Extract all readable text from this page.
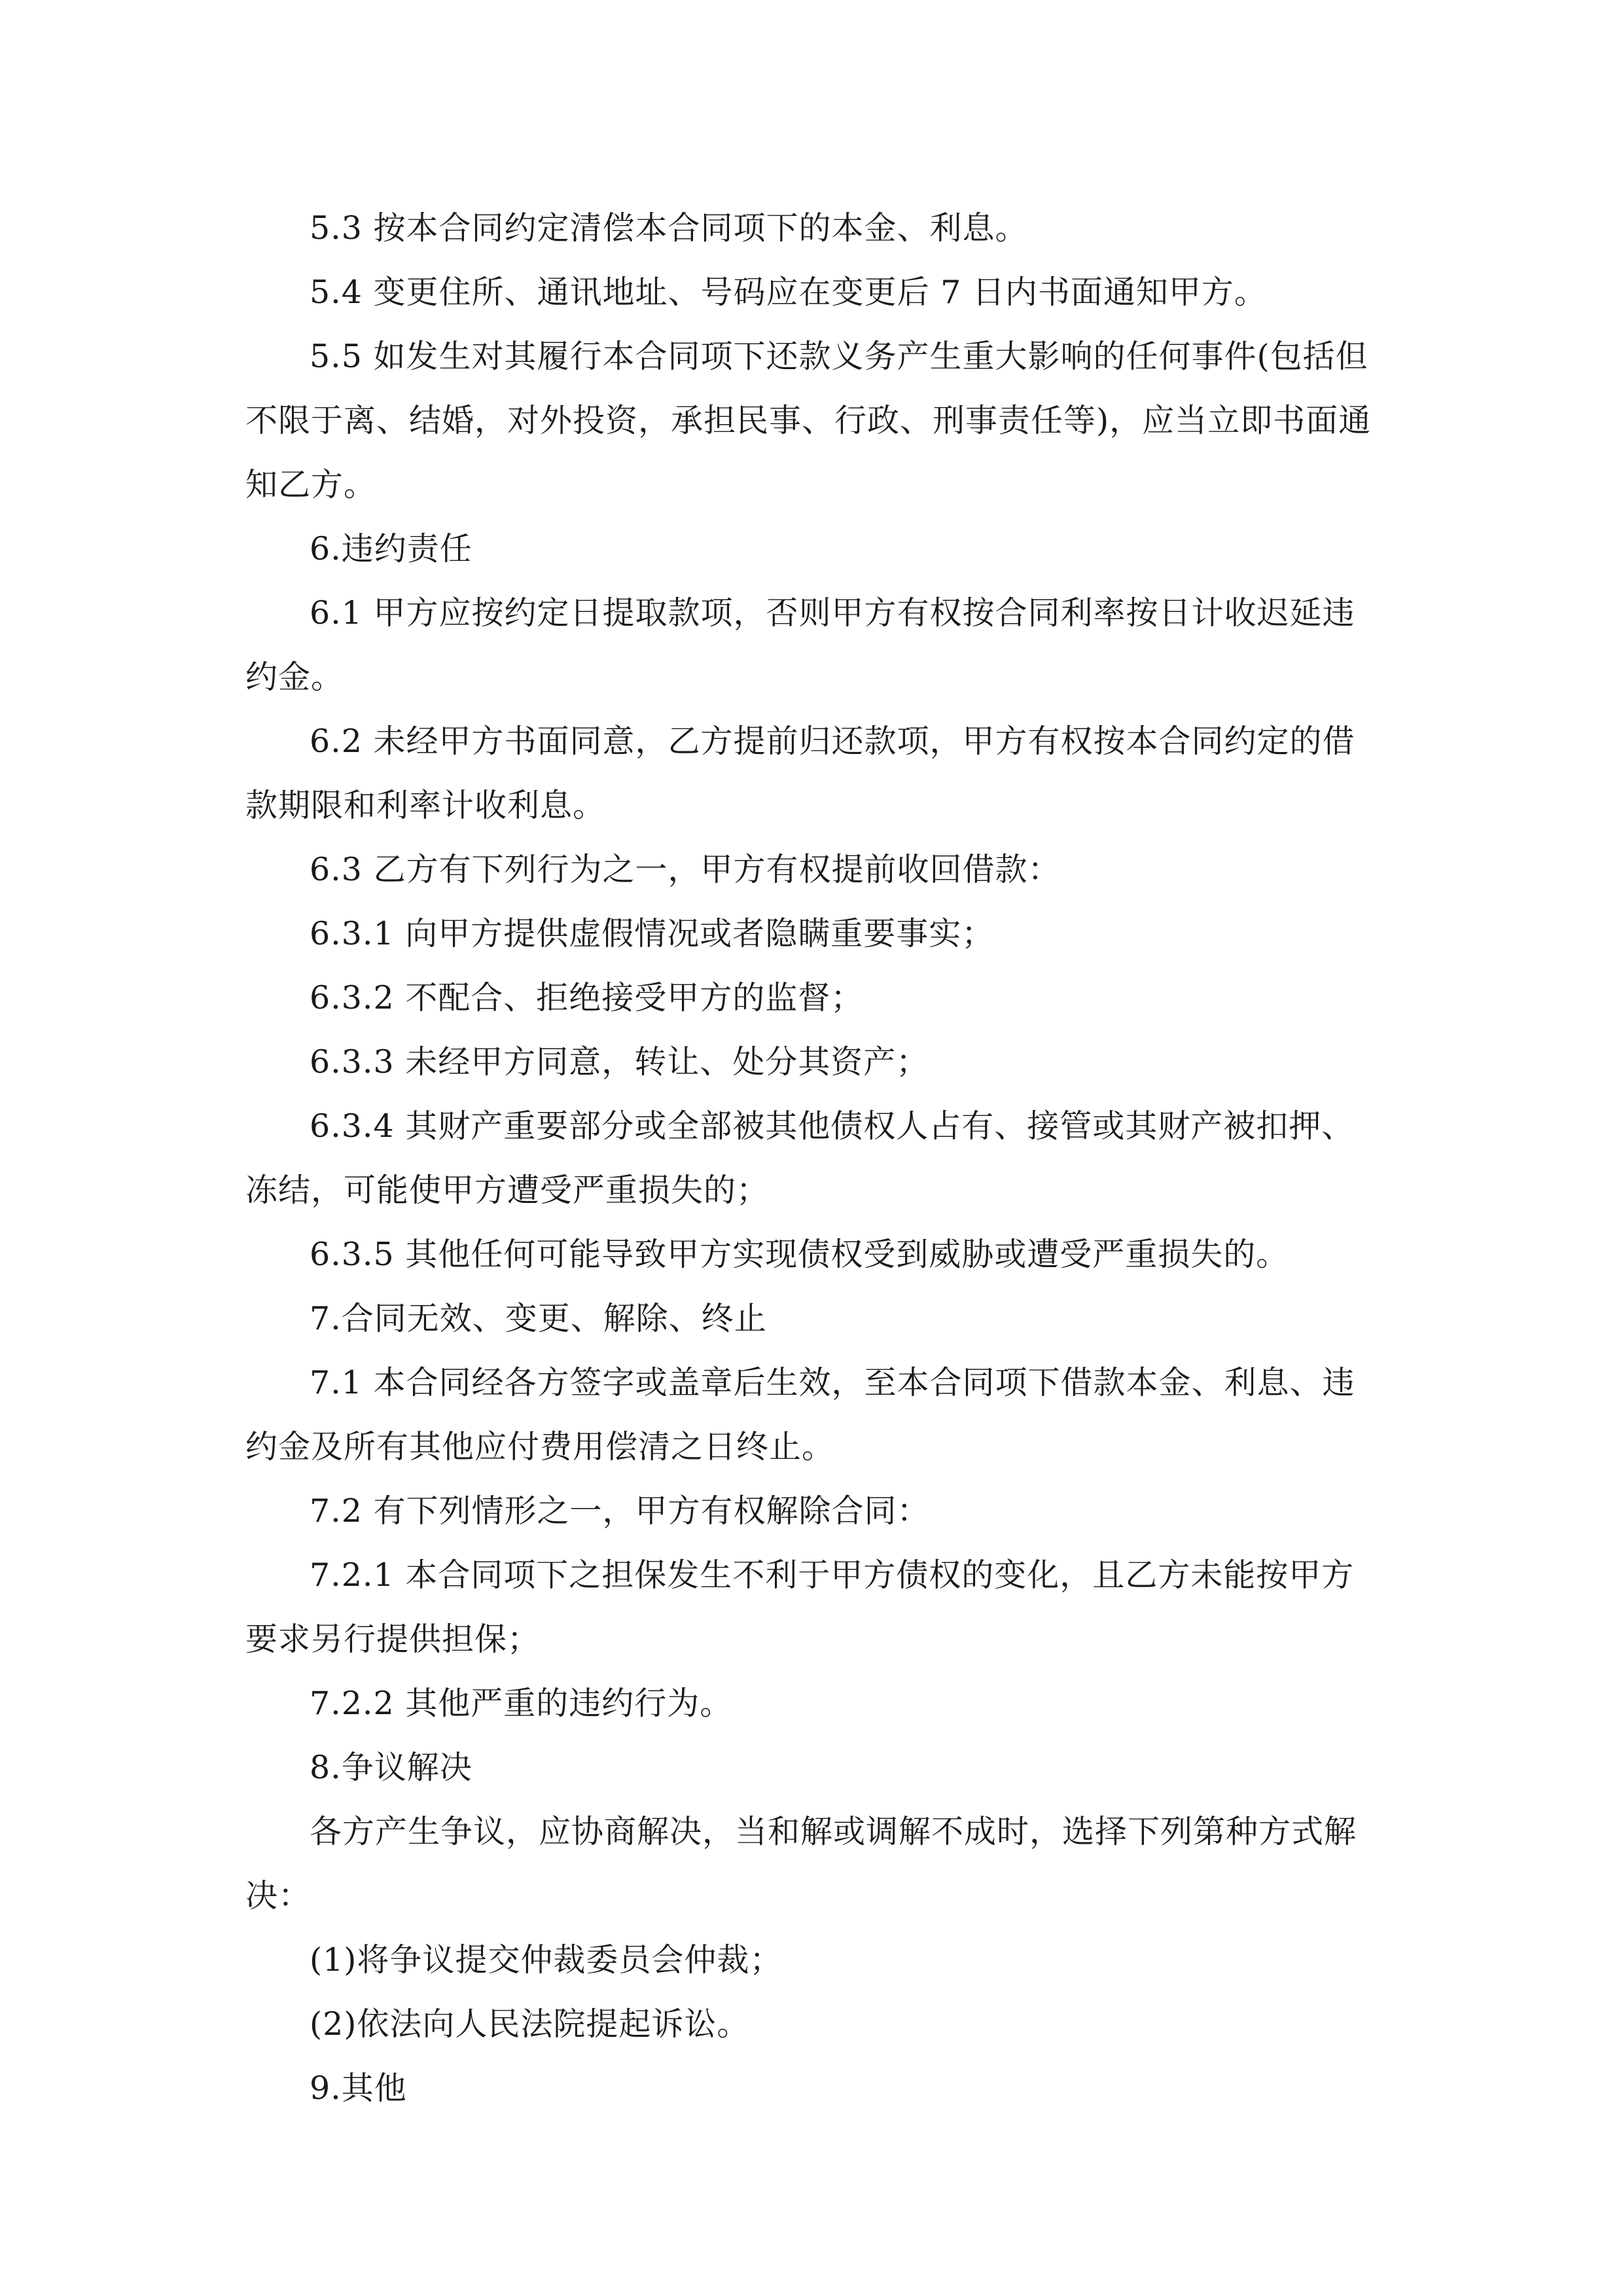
5.3 按本合同约定清偿本合同项下的本金、利息。

5.4 变更住所、通讯地址、号码应在变更后 7 日内书面通知甲方。

5.5 如发生对其履行本合同项下还款义务产生重大影响的任何事件(包括但不限于离、结婚，对外投资，承担民事、行政、刑事责任等)，应当立即书面通知乙方。

6.违约责任

6.1 甲方应按约定日提取款项，否则甲方有权按合同利率按日计收迟延违约金。

6.2 未经甲方书面同意，乙方提前归还款项，甲方有权按本合同约定的借款期限和利率计收利息。

6.3 乙方有下列行为之一，甲方有权提前收回借款：

6.3.1 向甲方提供虚假情况或者隐瞒重要事实；

6.3.2 不配合、拒绝接受甲方的监督；

6.3.3 未经甲方同意，转让、处分其资产；

6.3.4 其财产重要部分或全部被其他债权人占有、接管或其财产被扣押、冻结，可能使甲方遭受严重损失的；

6.3.5 其他任何可能导致甲方实现债权受到威胁或遭受严重损失的。

7.合同无效、变更、解除、终止

7.1 本合同经各方签字或盖章后生效，至本合同项下借款本金、利息、违约金及所有其他应付费用偿清之日终止。

7.2 有下列情形之一，甲方有权解除合同：

7.2.1 本合同项下之担保发生不利于甲方债权的变化，且乙方未能按甲方要求另行提供担保；

7.2.2 其他严重的违约行为。

8.争议解决

各方产生争议，应协商解决，当和解或调解不成时，选择下列第种方式解决：

(1)将争议提交仲裁委员会仲裁；

(2)依法向人民法院提起诉讼。

9.其他
